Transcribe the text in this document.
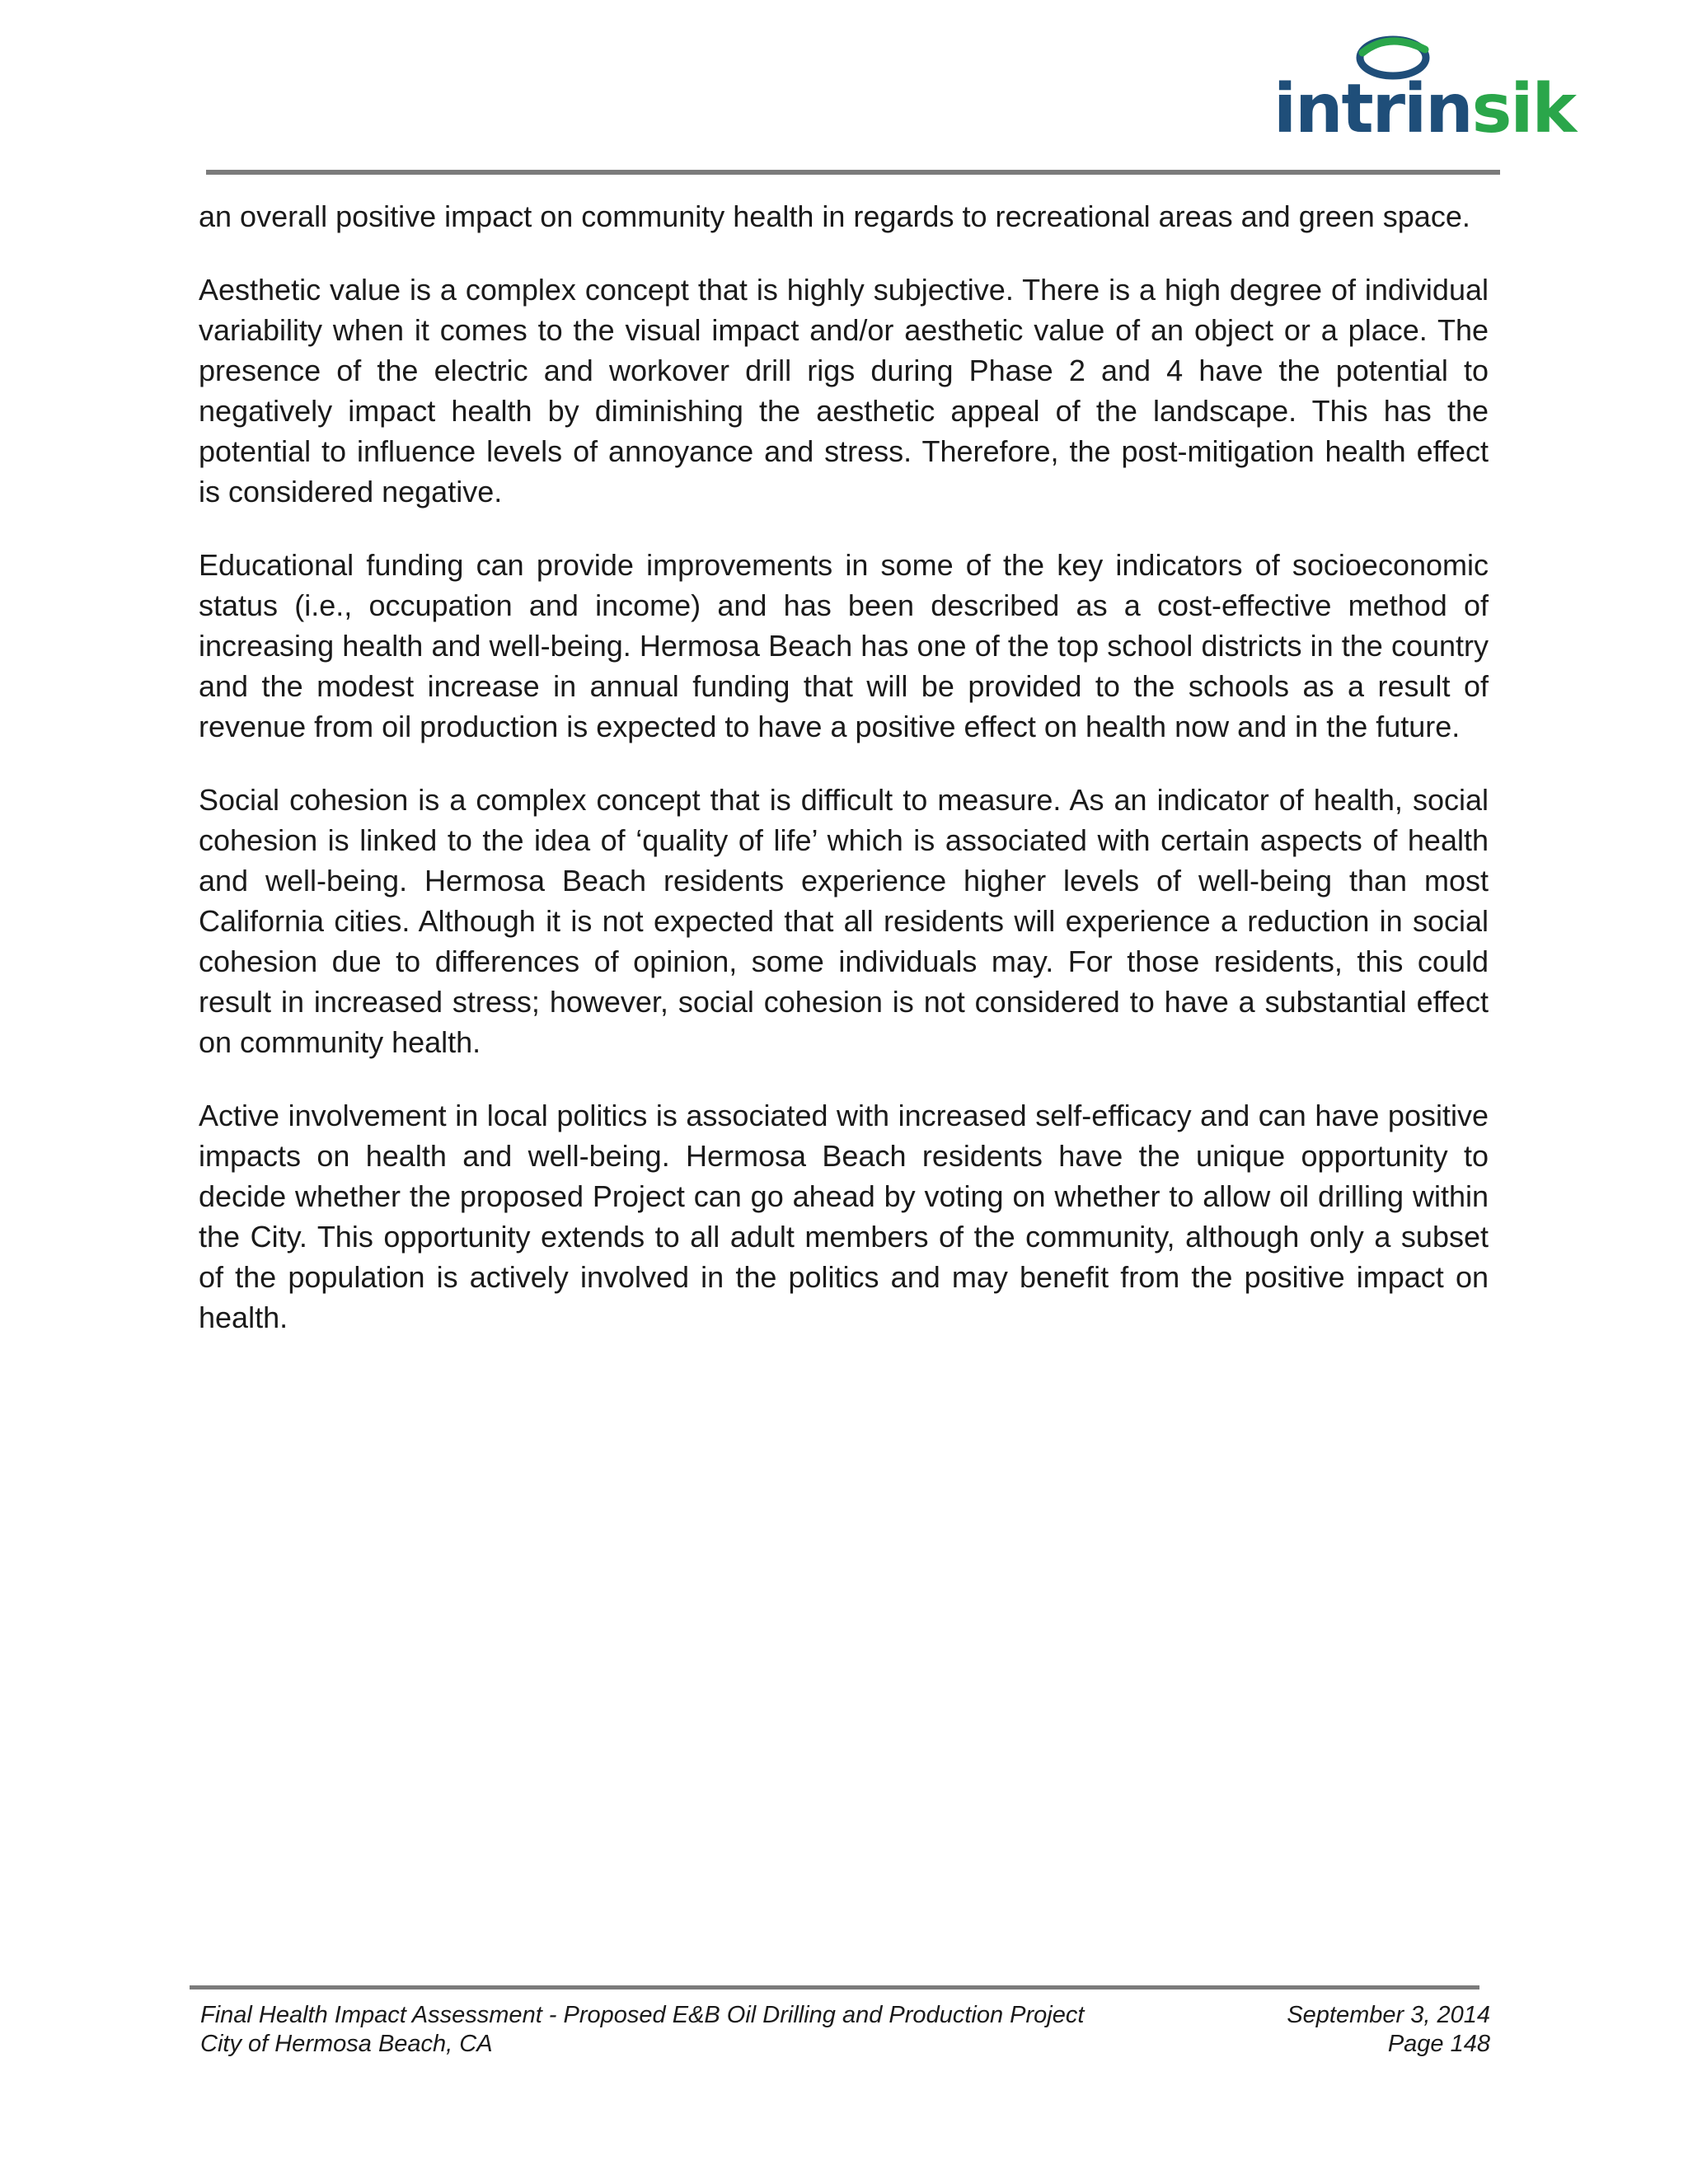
intrinsik

an overall positive impact on community health in regards to recreational areas and green space.

Aesthetic value is a complex concept that is highly subjective. There is a high degree of individual variability when it comes to the visual impact and/or aesthetic value of an object or a place. The presence of the electric and workover drill rigs during Phase 2 and 4 have the potential to negatively impact health by diminishing the aesthetic appeal of the landscape. This has the potential to influence levels of annoyance and stress. Therefore, the post-mitigation health effect is considered negative.

Educational funding can provide improvements in some of the key indicators of socioeconomic status (i.e., occupation and income) and has been described as a cost-effective method of increasing health and well-being. Hermosa Beach has one of the top school districts in the country and the modest increase in annual funding that will be provided to the schools as a result of revenue from oil production is expected to have a positive effect on health now and in the future.

Social cohesion is a complex concept that is difficult to measure. As an indicator of health, social cohesion is linked to the idea of ‘quality of life’ which is associated with certain aspects of health and well-being. Hermosa Beach residents experience higher levels of well-being than most California cities. Although it is not expected that all residents will experience a reduction in social cohesion due to differences of opinion, some individuals may. For those residents, this could result in increased stress; however, social cohesion is not considered to have a substantial effect on community health.

Active involvement in local politics is associated with increased self-efficacy and can have positive impacts on health and well-being. Hermosa Beach residents have the unique opportunity to decide whether the proposed Project can go ahead by voting on whether to allow oil drilling within the City. This opportunity extends to all adult members of the community, although only a subset of the population is actively involved in the politics and may benefit from the positive impact on health.

Final Health Impact Assessment - Proposed E&B Oil Drilling and Production Project	September 3, 2014
City of Hermosa Beach, CA	Page 148
